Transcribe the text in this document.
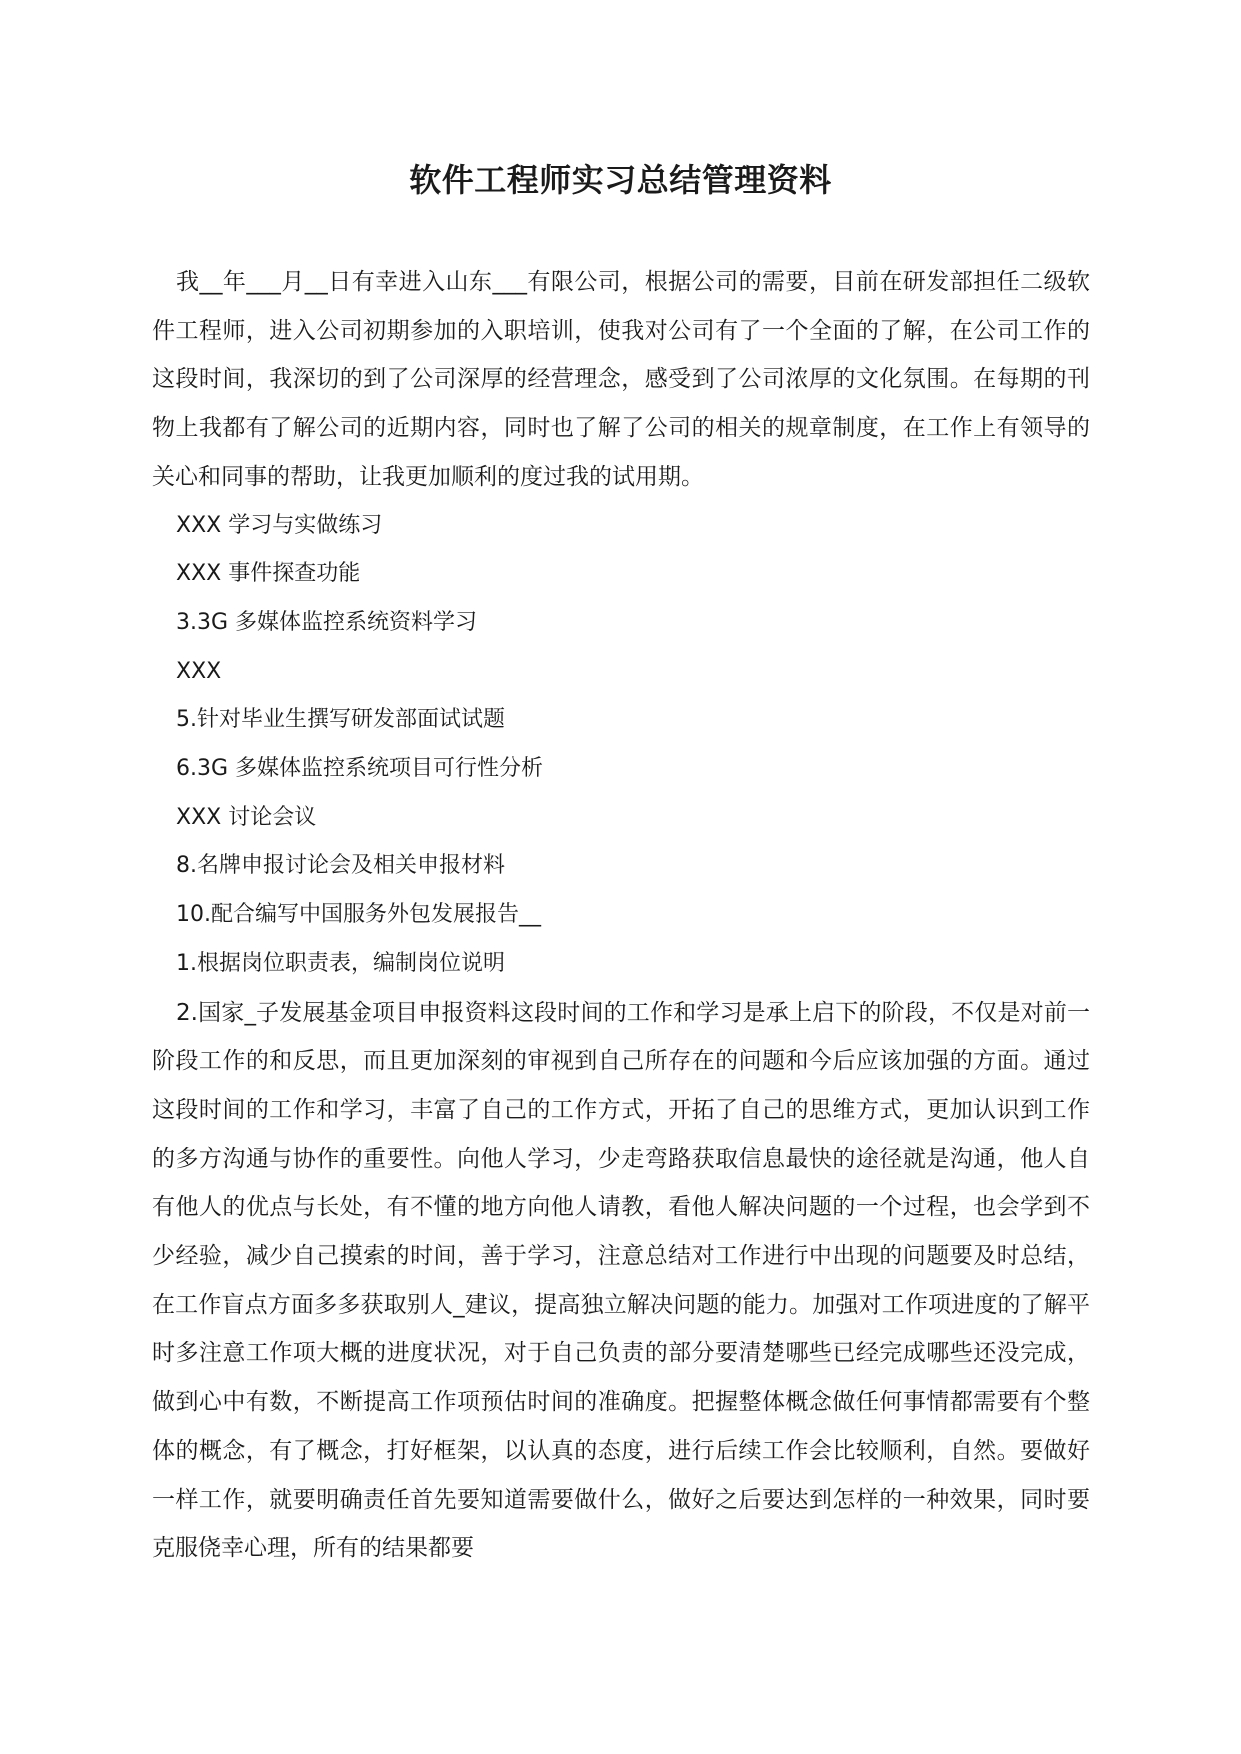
软件工程师实习总结管理资料

我__年___月__日有幸进入山东___有限公司，根据公司的需要，目前在研发部担任二级软件工程师，进入公司初期参加的入职培训，使我对公司有了一个全面的了解，在公司工作的这段时间，我深切的到了公司深厚的经营理念，感受到了公司浓厚的文化氛围。在每期的刊物上我都有了解公司的近期内容，同时也了解了公司的相关的规章制度，在工作上有领导的关心和同事的帮助，让我更加顺利的度过我的试用期。

XXX 学习与实做练习
XXX 事件探查功能
3.3G 多媒体监控系统资料学习
XXX
5.针对毕业生撰写研发部面试试题
6.3G 多媒体监控系统项目可行性分析
XXX 讨论会议
8.名牌申报讨论会及相关申报材料
10.配合编写中国服务外包发展报告__
1.根据岗位职责表，编制岗位说明

2.国家_子发展基金项目申报资料这段时间的工作和学习是承上启下的阶段，不仅是对前一阶段工作的和反思，而且更加深刻的审视到自己所存在的问题和今后应该加强的方面。通过这段时间的工作和学习，丰富了自己的工作方式，开拓了自己的思维方式，更加认识到工作的多方沟通与协作的重要性。向他人学习，少走弯路获取信息最快的途径就是沟通，他人自有他人的优点与长处，有不懂的地方向他人请教，看他人解决问题的一个过程，也会学到不少经验，减少自己摸索的时间，善于学习，注意总结对工作进行中出现的问题要及时总结，在工作盲点方面多多获取别人_建议，提高独立解决问题的能力。加强对工作项进度的了解平时多注意工作项大概的进度状况，对于自己负责的部分要清楚哪些已经完成哪些还没完成，做到心中有数，不断提高工作项预估时间的准确度。把握整体概念做任何事情都需要有个整体的概念，有了概念，打好框架，以认真的态度，进行后续工作会比较顺利，自然。要做好一样工作，就要明确责任首先要知道需要做什么，做好之后要达到怎样的一种效果，同时要克服侥幸心理，所有的结果都要
